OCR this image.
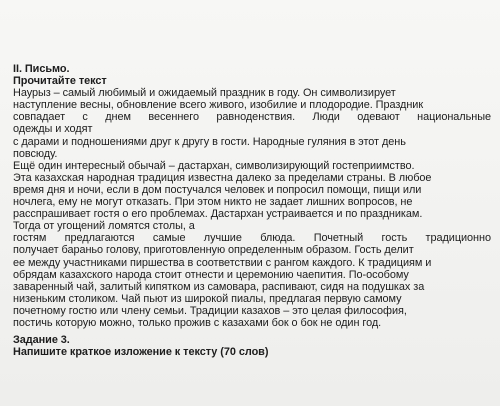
II. Письмо.
Прочитайте текст
Наурыз – самый любимый и ожидаемый праздник в году. Он символизирует
наступление весны, обновление всего живого, изобилие и плодородие. Праздник
совпадает с днем весеннего равноденствия. Люди одевают национальные
одежды и ходят
с дарами и подношениями друг к другу в гости. Народные гуляния в этот день
повсюду.
Ещё один интересный обычай – дастархан, символизирующий гостеприимство.
Эта казахская народная традиция известна далеко за пределами страны. В любое
время дня и ночи, если в дом постучался человек и попросил помощи, пищи или
ночлега, ему не могут отказать. При этом никто не задает лишних вопросов, не
расспрашивает гостя о его проблемах. Дастархан устраивается и по праздникам.
Тогда от угощений ломятся столы, а
гостям предлагаются самые лучшие блюда. Почетный гость традиционно
получает бараньо голову, приготовленную определенным образом. Гость делит
ее между участниками пиршества в соответствии с рангом каждого. К традициям и
обрядам казахского народа стоит отнести и церемонию чаепития. По-особому
заваренный чай, залитый кипятком из самовара, распивают, сидя на подушках за
низеньким столиком. Чай пьют из широкой пиалы, предлагая первую самому
почетному гостю или члену семьи. Традиции казахов – это целая философия,
постичь которую можно, только прожив с казахами бок о бок не один год.
Задание 3.
Напишите краткое изложение к тексту (70 слов)
